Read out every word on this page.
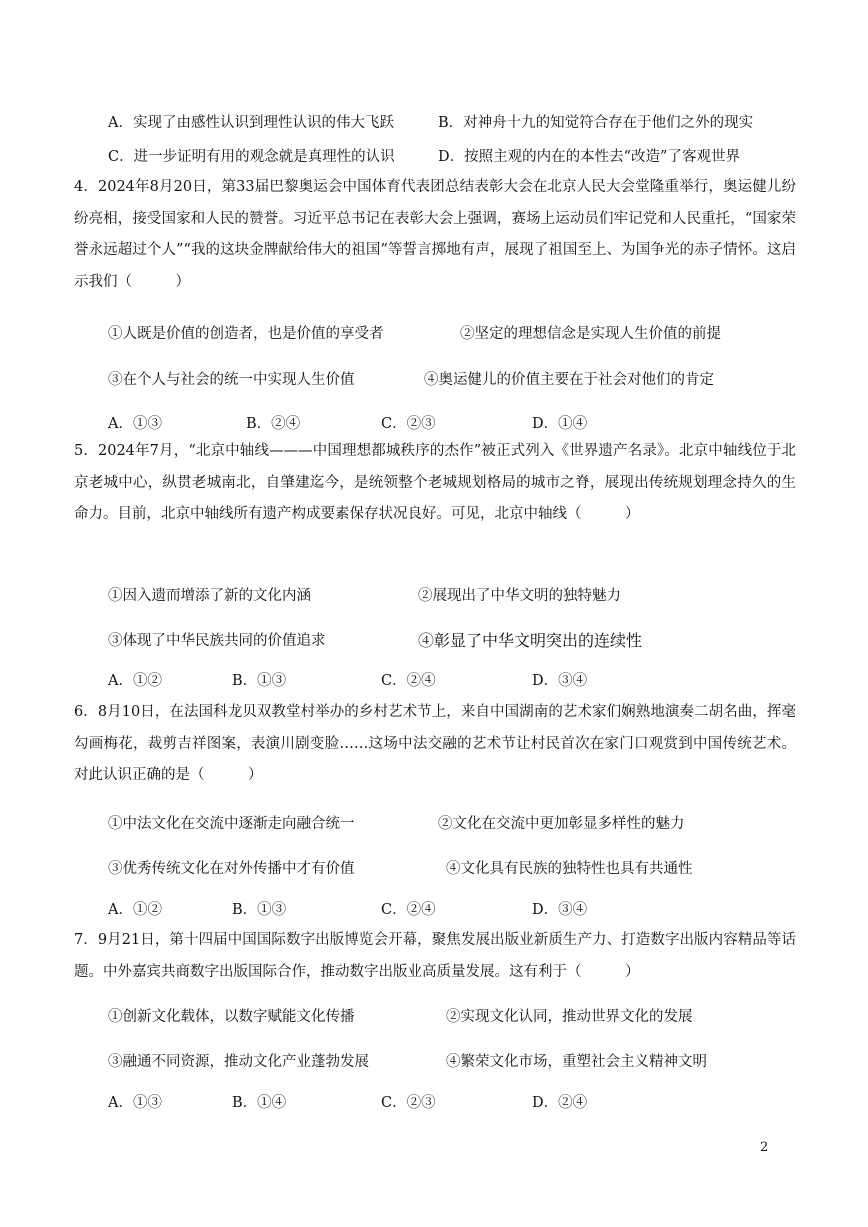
A．实现了由感性认识到理性认识的伟大飞跃	B．对神舟十九的知觉符合存在于他们之外的现实
C．进一步证明有用的观念就是真理性的认识	D．按照主观的内在的本性去“改造”了客观世界
4．2024年8月20日，第33届巴黎奥运会中国体育代表团总结表彰大会在北京人民大会堂隆重举行，奥运健儿纷纷亮相，接受国家和人民的赞誉。习近平总书记在表彰大会上强调，赛场上运动员们牢记党和人民重托，“国家荣誉永远超过个人”“我的这块金牌献给伟大的祖国”等誓言掷地有声，展现了祖国至上、为国争光的赤子情怀。这启示我们（　　　）
①人既是价值的创造者，也是价值的享受者	②坚定的理想信念是实现人生价值的前提
③在个人与社会的统一中实现人生价值	④奥运健儿的价值主要在于社会对他们的肯定
A．①③	B．②④	C．②③	D．①④
5．2024年7月，“北京中轴线———中国理想都城秩序的杰作”被正式列入《世界遗产名录》。北京中轴线位于北京老城中心，纵贯老城南北，自肇建迄今，是统领整个老城规划格局的城市之脊，展现出传统规划理念持久的生命力。目前，北京中轴线所有遗产构成要素保存状况良好。可见，北京中轴线（　　　）
①因入遗而增添了新的文化内涵	②展现出了中华文明的独特魅力
③体现了中华民族共同的价值追求	④彰显了中华文明突出的连续性
A．①②	B．①③	C．②④	D．③④
6．8月10日，在法国科龙贝双教堂村举办的乡村艺术节上，来自中国湖南的艺术家们娴熟地演奏二胡名曲，挥毫勾画梅花，裁剪吉祥图案，表演川剧变脸……这场中法交融的艺术节让村民首次在家门口观赏到中国传统艺术。对此认识正确的是（　　　）
①中法文化在交流中逐渐走向融合统一	②文化在交流中更加彰显多样性的魅力
③优秀传统文化在对外传播中才有价值	④文化具有民族的独特性也具有共通性
A．①②	B．①③	C．②④	D．③④
7．9月21日，第十四届中国国际数字出版博览会开幕，聚焦发展出版业新质生产力、打造数字出版内容精品等话题。中外嘉宾共商数字出版国际合作，推动数字出版业高质量发展。这有利于（　　　）
①创新文化载体，以数字赋能文化传播	②实现文化认同，推动世界文化的发展
③融通不同资源，推动文化产业蓬勃发展	④繁荣文化市场，重塑社会主义精神文明
A．①③	B．①④	C．②③	D．②④
2
